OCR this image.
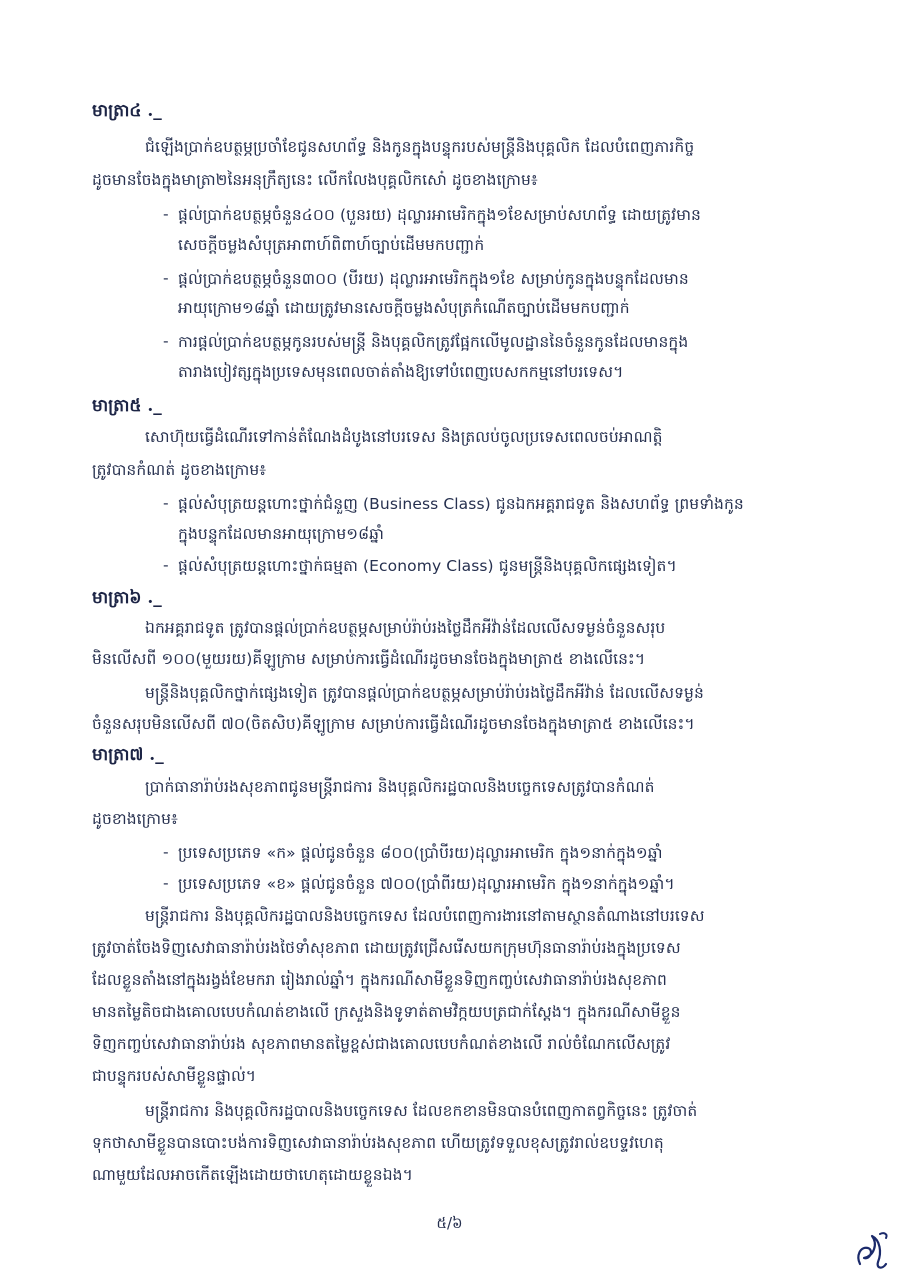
មាត្រា៤ ._
ជំឡើងប្រាក់ឧបត្ថម្ភប្រចាំខែជូនសហព័ទ្ធ និងកូនក្នុងបន្ទុករបស់មន្ត្រីនិងបុគ្គលិក ដែលបំពេញភារកិច្ច
ដូចមានចែងក្នុងមាត្រា២នៃអនុក្រឹត្យនេះ លើកលែងបុគ្គលិកសោ៎ ដូចខាងក្រោម៖
- ផ្តល់ប្រាក់ឧបត្ថម្ភចំនួន៤០០ (បួនរយ) ដុល្លារអាមេរិកក្នុង១ខែសម្រាប់សហព័ទ្ធ ដោយត្រូវមាន
សេចក្តីចម្លងសំបុត្រអាពាហ៍ពិពាហ៍ច្បាប់ដើមមកបញ្ជាក់
- ផ្តល់ប្រាក់ឧបត្ថម្ភចំនួន៣០០ (បីរយ) ដុល្លារអាមេរិកក្នុង១ខែ សម្រាប់កូនក្នុងបន្ទុកដែលមាន
អាយុក្រោម១៨ឆ្នាំ ដោយត្រូវមានសេចក្តីចម្លងសំបុត្រកំណើតច្បាប់ដើមមកបញ្ជាក់
- ការផ្តល់ប្រាក់ឧបត្ថម្ភកូនរបស់មន្ត្រី និងបុគ្គលិកត្រូវផ្អែកលើមូលដ្ឋាននៃចំនួនកូនដែលមានក្នុង
តារាងបៀវត្សក្នុងប្រទេសមុនពេលចាត់តាំងឱ្យទៅបំពេញបេសកកម្មនៅបរទេស។
មាត្រា៥ ._
សោហ៊ុយធ្វើដំណើរទៅកាន់តំណែងដំបូងនៅបរទេស និងត្រលប់ចូលប្រទេសពេលចប់អាណត្តិ
ត្រូវបានកំណត់ ដូចខាងក្រោម៖
- ផ្តល់សំបុត្រយន្តហោះថ្នាក់ជំនួញ (Business Class) ជូនឯកអគ្គរាជទូត និងសហព័ទ្ធ ព្រមទាំងកូន
ក្នុងបន្ទុកដែលមានអាយុក្រោម១៨ឆ្នាំ
- ផ្តល់សំបុត្រយន្តហោះថ្នាក់ធម្មតា (Economy Class) ជូនមន្ត្រីនិងបុគ្គលិកផ្សេងទៀត។
មាត្រា៦ ._
ឯកអគ្គរាជទូត ត្រូវបានផ្តល់ប្រាក់ឧបត្ថម្ភសម្រាប់រ៉ាប់រងថ្លៃដឹកអីវ៉ាន់ដែលលើសទម្ងន់ចំនួនសរុប
មិនលើសពី ១០០(មួយរយ)គីឡូក្រាម សម្រាប់ការធ្វើដំណើរដូចមានចែងក្នុងមាត្រា៥ ខាងលើនេះ។
មន្ត្រីនិងបុគ្គលិកថ្នាក់ផ្សេងទៀត ត្រូវបានផ្តល់ប្រាក់ឧបត្ថម្ភសម្រាប់រ៉ាប់រងថ្លៃដឹកអីវ៉ាន់ ដែលលើសទម្ងន់
ចំនួនសរុបមិនលើសពី ៧០(ចិតសិប)គីឡូក្រាម សម្រាប់ការធ្វើដំណើរដូចមានចែងក្នុងមាត្រា៥ ខាងលើនេះ។
មាត្រា៧ ._
ប្រាក់ធានារ៉ាប់រងសុខភាពជូនមន្ត្រីរាជការ និងបុគ្គលិករដ្ឋបាលនិងបច្ចេកទេសត្រូវបានកំណត់
ដូចខាងក្រោម៖
- ប្រទេសប្រភេទ «ក» ផ្តល់ជូនចំនួន ៨០០(ប្រាំបីរយ)ដុល្លារអាមេរិក ក្នុង១នាក់ក្នុង១ឆ្នាំ
- ប្រទេសប្រភេទ «ខ» ផ្តល់ជូនចំនួន ៧០០(ប្រាំពីរយ)ដុល្លារអាមេរិក ក្នុង១នាក់ក្នុង១ឆ្នាំ។
មន្ត្រីរាជការ និងបុគ្គលិករដ្ឋបាលនិងបច្ចេកទេស ដែលបំពេញការងារនៅតាមស្ថានតំណាងនៅបរទេស
ត្រូវចាត់ចែងទិញសេវាធានារ៉ាប់រងថៃទាំសុខភាព ដោយត្រូវជ្រើសរើសយកក្រុមហ៊ុនធានារ៉ាប់រងក្នុងប្រទេស
ដែលខ្លួនតាំងនៅក្នុងរង្វង់ខែមករា រៀងរាល់ឆ្នាំ។ ក្នុងករណីសាមីខ្លួនទិញកញ្ចប់សេវាធានារ៉ាប់រងសុខភាព
មានតម្លៃតិចជាងគោលបេបកំណត់ខាងលើ ក្រសួងនិងទូទាត់តាមវិក្កយបត្រជាក់ស្តែង។ ក្នុងករណីសាមីខ្លួន
ទិញកញ្ចប់សេវាធានារ៉ាប់រង សុខភាពមានតម្លៃខ្ពស់ជាងគោលបេបកំណត់ខាងលើ រាល់ចំណែកលើសត្រូវ
ជាបន្ទុករបស់សាមីខ្លួនផ្ទាល់។
មន្ត្រីរាជការ និងបុគ្គលិករដ្ឋបាលនិងបច្ចេកទេស ដែលខកខានមិនបានបំពេញកាតព្វកិច្ចនេះ ត្រូវចាត់
ទុកថាសាមីខ្លួនបានបោះបង់ការទិញសេវាធានារ៉ាប់រងសុខភាព ហើយត្រូវទទួលខុសត្រូវរាល់ឧបទ្ទវហេតុ
ណាមួយដែលអាចកើតឡើងដោយថាហេតុដោយខ្លួនឯង។
៥/៦
